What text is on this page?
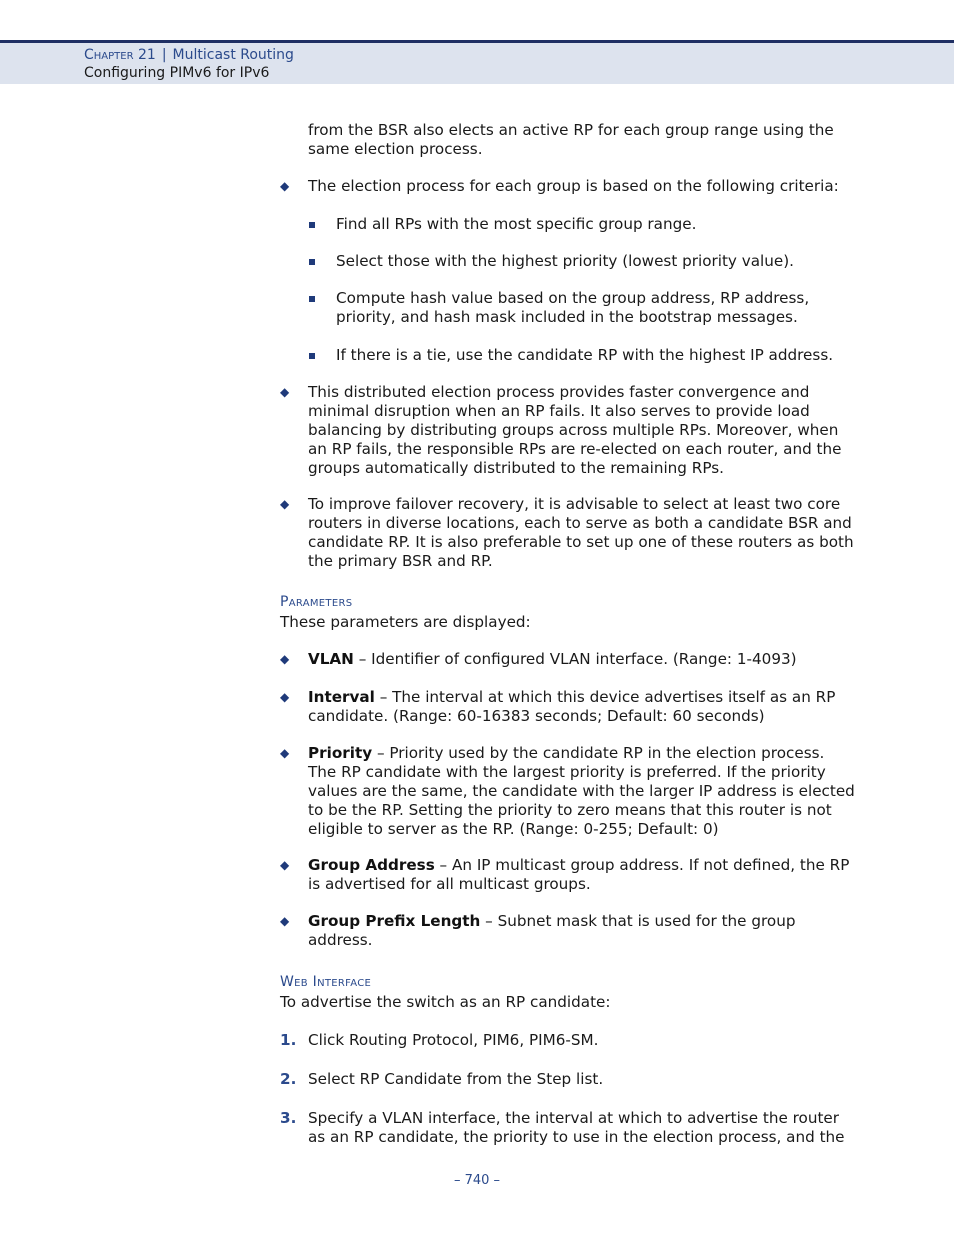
Chapter 21 | Multicast Routing
Configuring PIMv6 for IPv6
from the BSR also elects an active RP for each group range using the
same election process.
◆ The election process for each group is based on the following criteria:
Find all RPs with the most specific group range.
Select those with the highest priority (lowest priority value).
Compute hash value based on the group address, RP address,
priority, and hash mask included in the bootstrap messages.
If there is a tie, use the candidate RP with the highest IP address.
◆ This distributed election process provides faster convergence and
minimal disruption when an RP fails. It also serves to provide load
balancing by distributing groups across multiple RPs. Moreover, when
an RP fails, the responsible RPs are re-elected on each router, and the
groups automatically distributed to the remaining RPs.
◆ To improve failover recovery, it is advisable to select at least two core
routers in diverse locations, each to serve as both a candidate BSR and
candidate RP. It is also preferable to set up one of these routers as both
the primary BSR and RP.
Parameters
These parameters are displayed:
◆ VLAN – Identifier of configured VLAN interface. (Range: 1-4093)
◆ Interval – The interval at which this device advertises itself as an RP
candidate. (Range: 60-16383 seconds; Default: 60 seconds)
◆ Priority – Priority used by the candidate RP in the election process.
The RP candidate with the largest priority is preferred. If the priority
values are the same, the candidate with the larger IP address is elected
to be the RP. Setting the priority to zero means that this router is not
eligible to server as the RP. (Range: 0-255; Default: 0)
◆ Group Address – An IP multicast group address. If not defined, the RP
is advertised for all multicast groups.
◆ Group Prefix Length – Subnet mask that is used for the group
address.
Web Interface
To advertise the switch as an RP candidate:
1. Click Routing Protocol, PIM6, PIM6-SM.
2. Select RP Candidate from the Step list.
3. Specify a VLAN interface, the interval at which to advertise the router
as an RP candidate, the priority to use in the election process, and the
– 740 –
